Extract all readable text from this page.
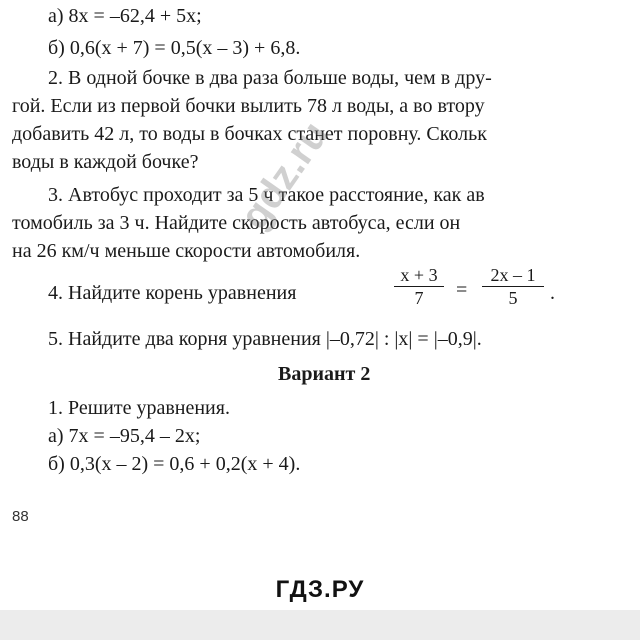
а) 8x = –62,4 + 5x;
б) 0,6(x + 7) = 0,5(x – 3) + 6,8.
2. В одной бочке в два раза больше воды, чем в дру-
гой. Если из первой бочки вылить 78 л воды, а во втору
добавить 42 л, то воды в бочках станет поровну. Скольк
воды в каждой бочке?
3. Автобус проходит за 5 ч такое расстояние, как ав
томобиль за 3 ч. Найдите скорость автобуса, если он
на 26 км/ч меньше скорости автомобиля.
4. Найдите корень уравнения
x + 3
7	=
2x – 1
5	.
5. Найдите два корня уравнения |–0,72| : |x| = |–0,9|.
Вариант 2
1. Решите уравнения.
а) 7x = –95,4 – 2x;
б) 0,3(x – 2) = 0,6 + 0,2(x + 4).
88
gdz.ru
ГДЗ.РУ
